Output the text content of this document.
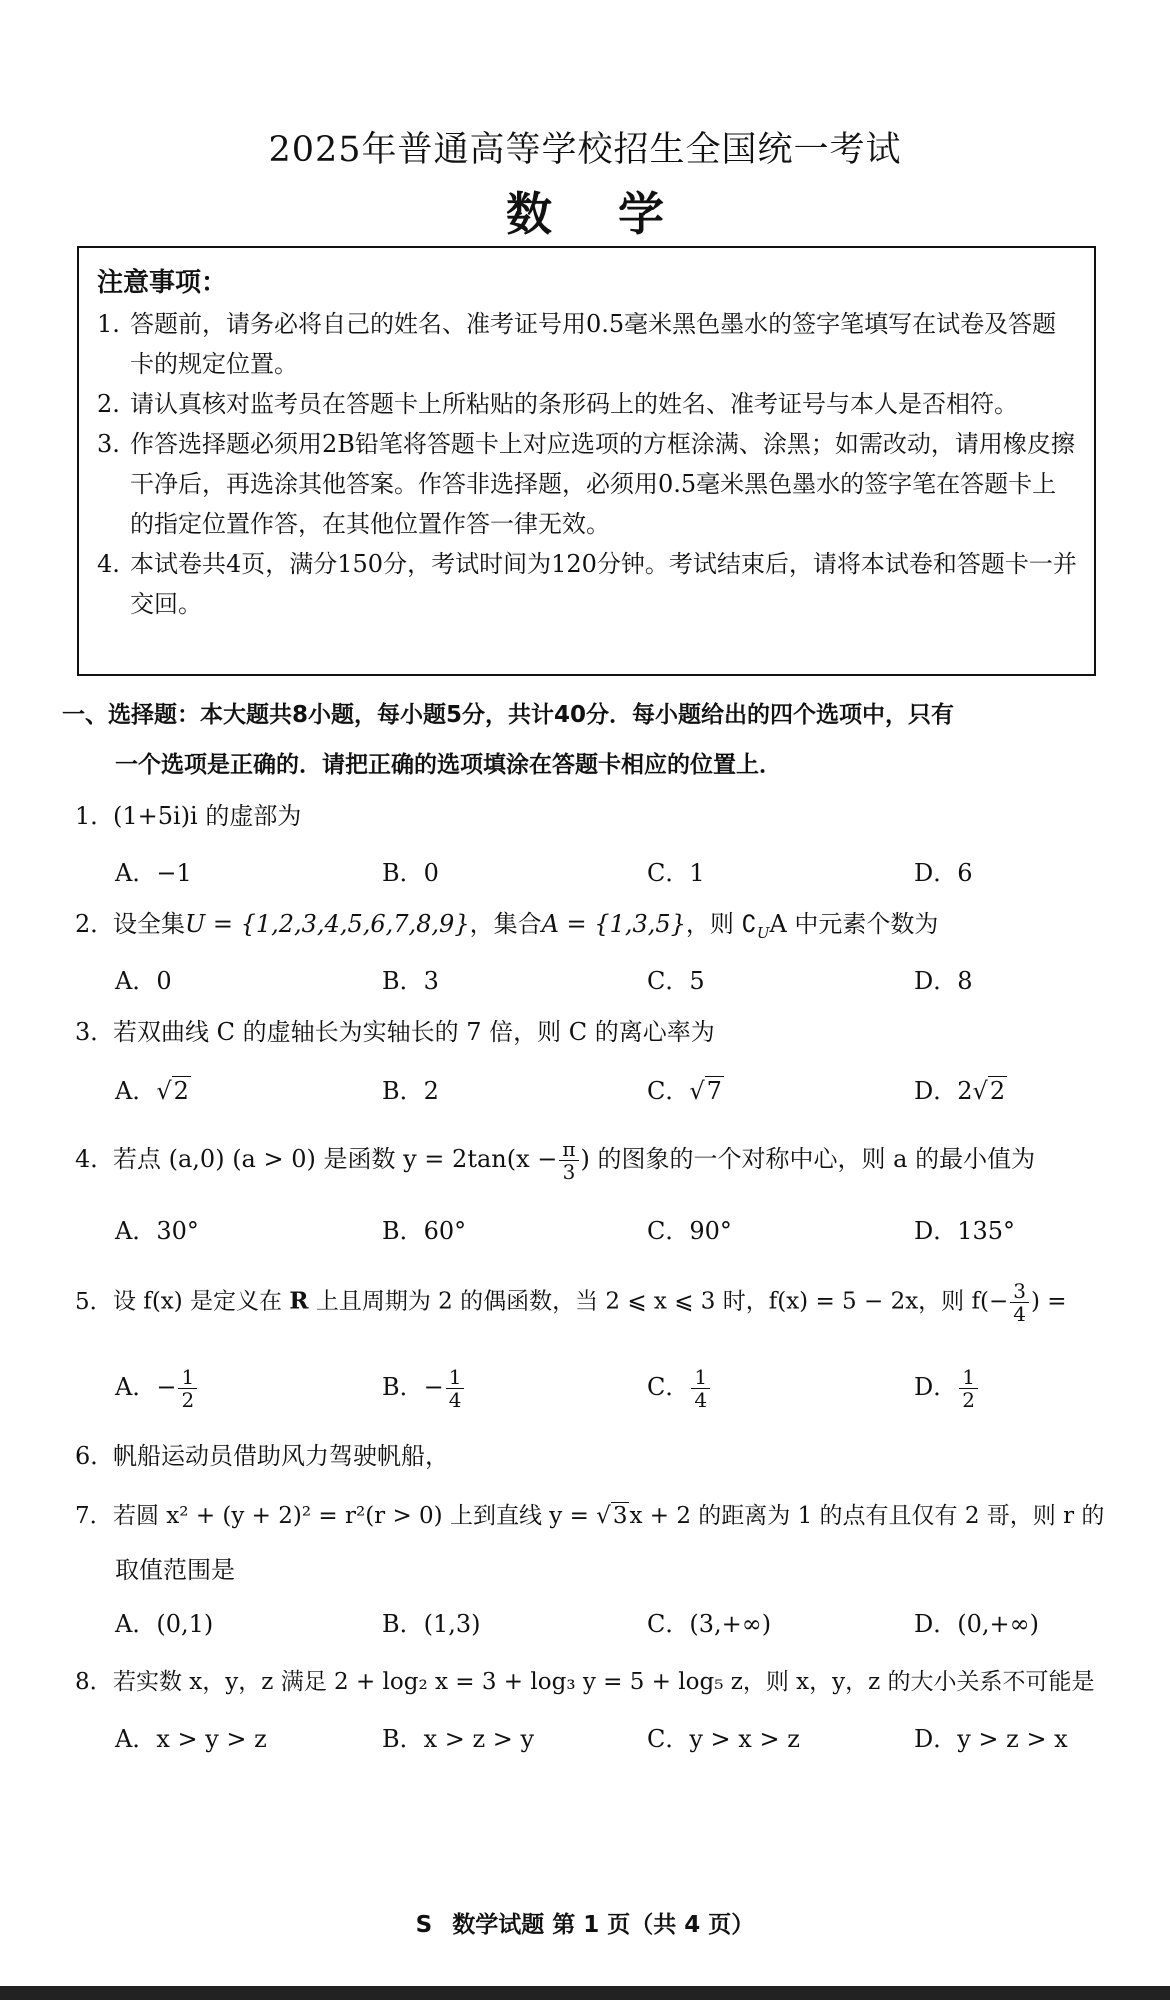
2025年普通高等学校招生全国统一考试
数 学
注意事项：
1. 答题前，请务必将自己的姓名、准考证号用0.5毫米黑色墨水的签字笔填写在试卷及答题卡的规定位置。
2. 请认真核对监考员在答题卡上所粘贴的条形码上的姓名、准考证号与本人是否相符。
3. 作答选择题必须用2B铅笔将答题卡上对应选项的方框涂满、涂黑；如需改动，请用橡皮擦干净后，再选涂其他答案。作答非选择题，必须用0.5毫米黑色墨水的签字笔在答题卡上的指定位置作答，在其他位置作答一律无效。
4. 本试卷共4页，满分150分，考试时间为120分钟。考试结束后，请将本试卷和答题卡一并交回。
一、选择题：本大题共8小题，每小题5分，共计40分．每小题给出的四个选项中，只有
一个选项是正确的．请把正确的选项填涂在答题卡相应的位置上．
1．(1+5i)i 的虚部为
A．−1	B．0	C．1	D．6
2．设全集U = {1,2,3,4,5,6,7,8,9}，集合A = {1,3,5}，则 $∁_UA$ 中元素个数为
A．0	B．3	C．5	D．8
3．若双曲线 C 的虚轴长为实轴长的 7 倍，则 C 的离心率为
A．√2	B．2	C．√7	D．2√2
4．若点 (a,0) (a > 0) 是函数 $y = 2\tan(x - \frac{\pi}{3}$ ) 的图象的一个对称中心，则 a 的最小值为
A．30°	B．60°	C．90°	D．135°
5．设 f(x) 是定义在 R 上且周期为 2 的偶函数，当 2 ⩽ x ⩽ 3 时，f(x) = 5 − 2x，则 $f(- \frac{3}{4}$ ) =
A．− $\frac{1}{2}$	B．− $\frac{1}{4}$	C． $\frac{1}{4}$	D． $\frac{1}{2}$
6．帆船运动员借助风力驾驶帆船，
7．若圆 x² + (y + 2)² = r²(r > 0) 上到直线 y = √3x + 2 的距离为 1 的点有且仅有 2 哥，则 r 的
取值范围是
A．(0,1)	B．(1,3)	C．(3,+∞)	D．(0,+∞)
8．若实数 x，y，z 满足 2 + log₂ x = 3 + log₃ y = 5 + log₅ z，则 x，y，z 的大小关系不可能是
A．x > y > z	B．x > z > y	C．y > x > z	D．y > z > x
S 数学试题 第 1 页（共 4 页）
